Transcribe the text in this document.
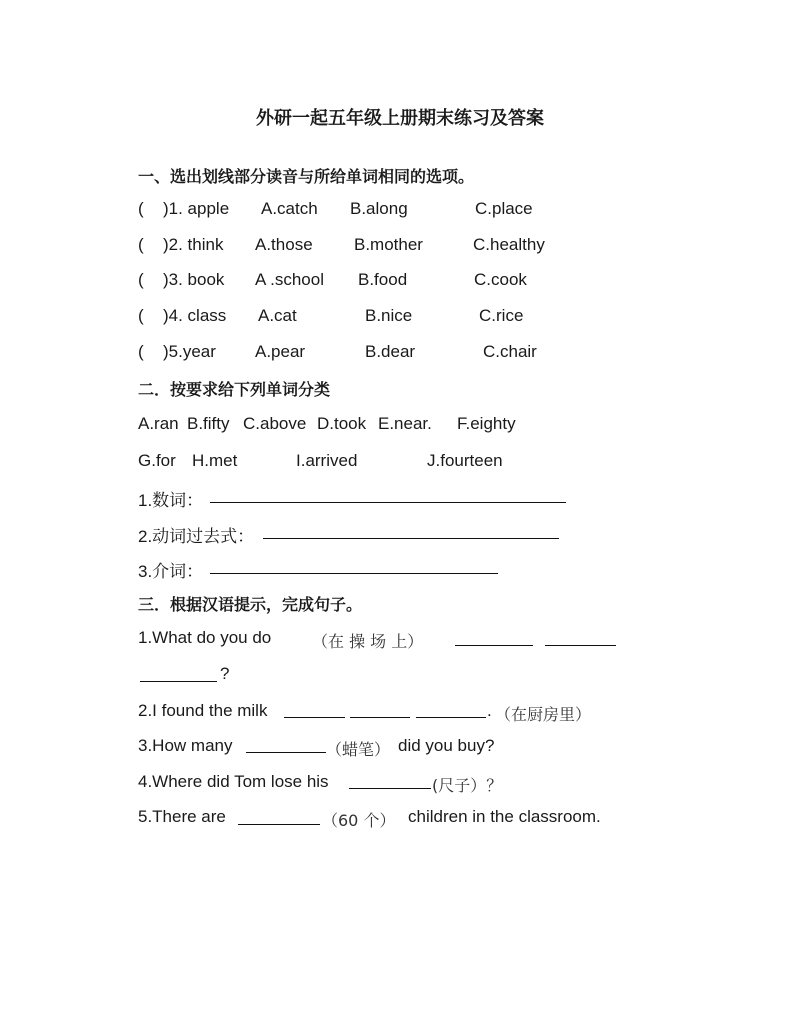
外研一起五年级上册期末练习及答案
一、选出划线部分读音与所给单词相同的选项。
( )1. apple A.catch B.along	C.place
( )2. think A.those B.mother	C.healthy
( )3. book A .school B.food	C.cook
( )4. class A.cat	B.nice	C.rice
( )5.year A.pear	B.dear	C.chair
二．按要求给下列单词分类
A.ran B.fifty C.above D.took E.near. F.eighty
G.for H.met	I.arrived	J.fourteen
1.数词：
2.动词过去式：
3.介词：
三．根据汉语提示，完成句子。
1.What do you do	（在 操 场 上）
?
2.I found the milk	. （在厨房里）
3.How many	（蜡笔） did you buy?
4.Where did Tom lose his	(尺子）？
5.There are	（60 个） children in the classroom.
